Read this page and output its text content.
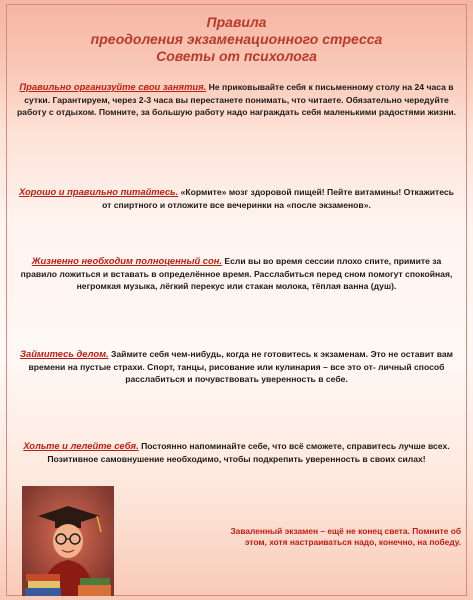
Правила
преодоления экзаменационного стресса
Советы от психолога
Правильно организуйте свои занятия. Не приковывайте себя к письменному столу на 24 часа в сутки. Гарантируем, через 2-3 часа вы перестанете понимать, что читаете. Обязательно чередуйте работу с отдыхом. Помните, за большую работу надо награждать себя маленькими радостями жизни.
Хорошо и правильно питайтесь. «Кормите» мозг здоровой пищей! Пейте витамины! Откажитесь от спиртного и отложите все вечеринки на «после экзаменов».
Жизненно необходим полноценный сон. Если вы во время сессии плохо спите, примите за правило ложиться и вставать в определённое время. Расслабиться перед сном помогут спокойная, негромкая музыка, лёгкий перекус или стакан молока, тёплая ванна (душ).
Займитесь делом. Займите себя чем-нибудь, когда не готовитесь к экзаменам. Это не оставит вам времени на пустые страхи. Спорт, танцы, рисование или кулинария – все это от- личный способ расслабиться и почувствовать уверенность в себе.
Хольте и лелейте себя. Постоянно напоминайте себе, что всё сможете, справитесь лучше всех. Позитивное самовнушение необходимо, чтобы подкрепить уверенность в своих силах!
Заваленный экзамен – ещё не конец света. Помните об этом, хотя настраиваться надо, конечно, на победу.
